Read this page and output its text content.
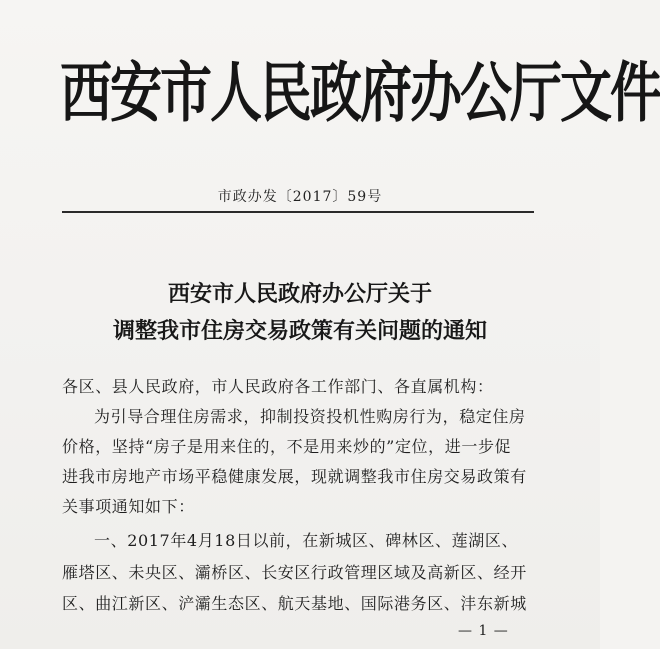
西安市人民政府办公厅文件
市政办发〔2017〕59号
西安市人民政府办公厅关于
调整我市住房交易政策有关问题的通知
各区、县人民政府，市人民政府各工作部门、各直属机构：
为引导合理住房需求，抑制投资投机性购房行为，稳定住房
价格，坚持“房子是用来住的，不是用来炒的”定位，进一步促
进我市房地产市场平稳健康发展，现就调整我市住房交易政策有
关事项通知如下：
一、2017年4月18日以前，在新城区、碑林区、莲湖区、
雁塔区、未央区、灞桥区、长安区行政管理区域及高新区、经开
区、曲江新区、浐灞生态区、航天基地、国际港务区、沣东新城
— 1 —
